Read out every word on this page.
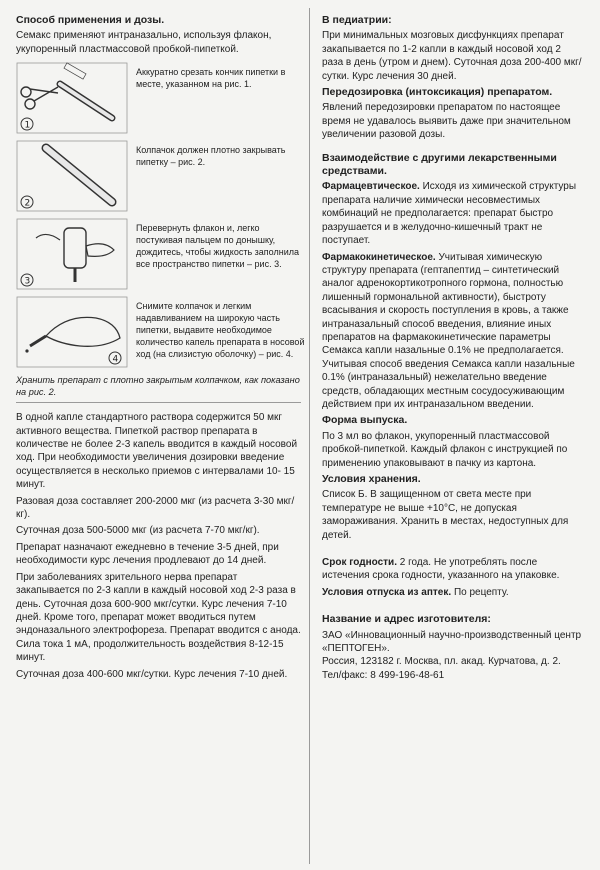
Способ применения и дозы.

Семакс применяют интраназально, используя флакон, укупоренный пластмассовой пробкой-пипеткой.

1
Аккуратно срезать кончик пипетки в месте, указанном на рис. 1.
2
Колпачок должен плотно закрывать пипетку – рис. 2.
3
Перевернуть флакон и, легко постукивая пальцем по донышку, дождитесь, чтобы жидкость заполнила все пространство пипетки – рис. 3.
4
Снимите колпачок и легким надавливанием на широкую часть пипетки, выдавите необходимое количество капель препарата в носовой ход (на слизистую оболочку) – рис. 4.

Хранить препарат с плотно закрытым колпачком, как показано на рис. 2.

В одной капле стандартного раствора содержится 50 мкг активного вещества. Пипеткой раствор препарата в количестве не более 2-3 капель вводится в каждый носовой ход. При необходимости увеличения дозировки введение осуществляется в несколько приемов с интервалами 10- 15 минут.

Разовая доза составляет 200-2000 мкг (из расчета 3-30 мкг/кг).

Суточная доза 500-5000 мкг (из расчета 7-70 мкг/кг).

Препарат назначают ежедневно в течение 3-5 дней, при необходимости курс лечения продлевают до 14 дней.

При заболеваниях зрительного нерва препарат закапывается по 2-3 капли в каждый носовой ход 2-3 раза в день. Суточная доза 600-900 мкг/сутки. Курс лечения 7-10 дней. Кроме того, препарат может вводиться путем эндоназального электрофореза. Препарат вводится с анода. Сила тока 1 мА, продолжительность воздействия 8-12-15 минут.

Суточная доза 400-600 мкг/сутки. Курс лечения 7-10 дней.

В педиатрии:

При минимальных мозговых дисфункциях препарат закапывается по 1-2 капли в каждый носовой ход 2 раза в день (утром и днем). Суточная доза 200-400 мкг/сутки. Курс лечения 30 дней.

Передозировка (интоксикация) препаратом.

Явлений передозировки препаратом по настоящее время не удавалось выявить даже при значительном увеличении разовой дозы.

Взаимодействие с другими лекарственными средствами.

Фармацевтическое. Исходя из химической структуры препарата наличие химически несовместимых комбинаций не предполагается: препарат быстро разрушается и в желудочно-кишечный тракт не поступает.

Фармакокинетическое. Учитывая химическую структуру препарата (гептапептид – синтетический аналог адренокортикотропного гормона, полностью лишенный гормональной активности), быстроту всасывания и скорость поступления в кровь, а также интраназальный способ введения, влияние иных препаратов на фармакокинетические параметры Семакса капли назальные 0.1% не предполагается. Учитывая способ введения Семакса капли назальные 0.1% (интраназальный) нежелательно введение средств, обладающих местным сосудосуживающим действием при их интраназальном введении.

Форма выпуска.

По 3 мл во флакон, укупоренный пластмассовой пробкой-пипеткой. Каждый флакон с инструкцией по применению упаковывают в пачку из картона.

Условия хранения.

Список Б. В защищенном от света месте при температуре не выше +10°С, не допуская замораживания. Хранить в местах, недоступных для детей.

Срок годности. 2 года. Не употреблять после истечения срока годности, указанного на упаковке.

Условия отпуска из аптек. По рецепту.

Название и адрес изготовителя:

ЗАО «Инновационный научно-производственный центр «ПЕПТОГЕН».

Россия, 123182 г. Москва, пл. акад. Курчатова, д. 2.

Тел/факс: 8 499-196-48-61
